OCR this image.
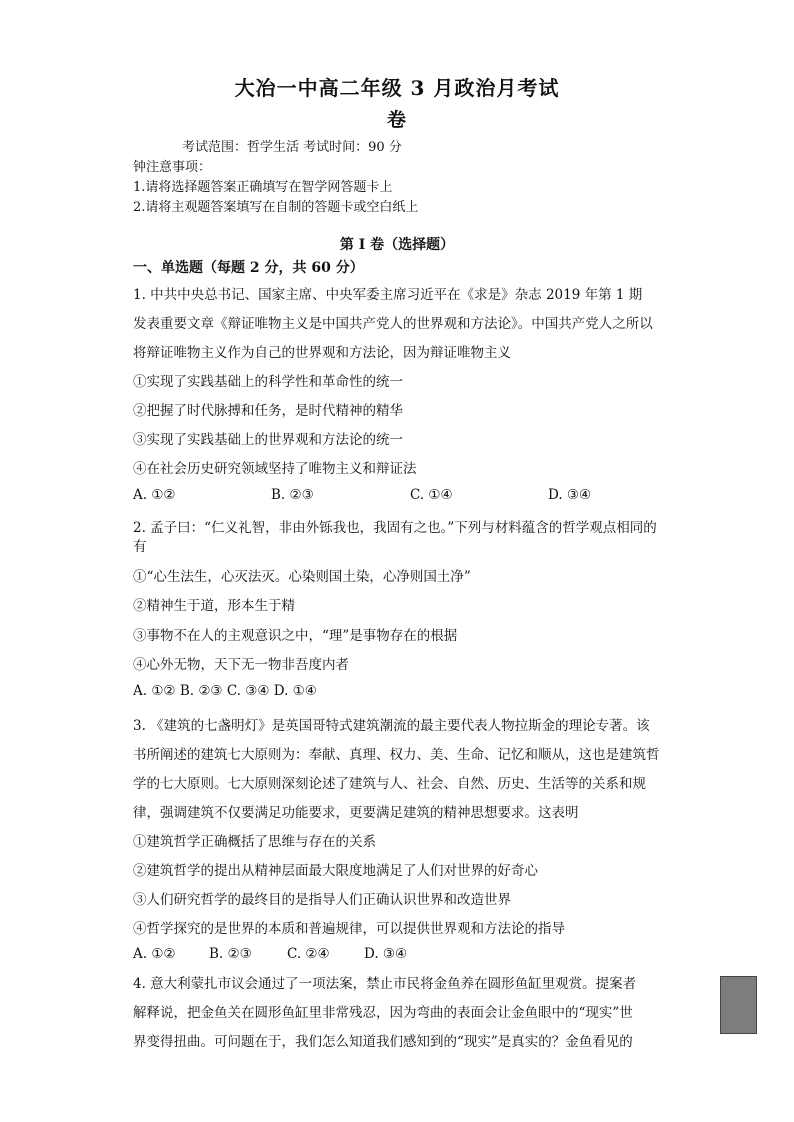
大冶一中高二年级 3 月政治月考试
卷
考试范围：哲学生活 考试时间：90 分
钟注意事项：
1.请将选择题答案正确填写在智学网答题卡上
2.请将主观题答案填写在自制的答题卡或空白纸上
第 I 卷（选择题）
一、单选题（每题 2 分，共 60 分）
1. 中共中央总书记、国家主席、中央军委主席习近平在《求是》杂志 2019 年第 1 期
发表重要文章《辩证唯物主义是中国共产党人的世界观和方法论》。中国共产党人之所以
将辩证唯物主义作为自己的世界观和方法论，因为辩证唯物主义
①实现了实践基础上的科学性和革命性的统一
②把握了时代脉搏和任务，是时代精神的精华
③实现了实践基础上的世界观和方法论的统一
④在社会历史研究领域坚持了唯物主义和辩证法
A. ①②	B. ②③	C. ①④	D. ③④
2. 孟子曰：“仁义礼智，非由外铄我也，我固有之也。”下列与材料蕴含的哲学观点相同的
有
①“心生法生，心灭法灭。心染则国土染，心净则国土净”
②精神生于道，形本生于精
③事物不在人的主观意识之中，“理”是事物存在的根据
④心外无物，天下无一物非吾度内者
A. ①② B. ②③ C. ③④ D. ①④
3. 《建筑的七盏明灯》是英国哥特式建筑潮流的最主要代表人物拉斯金的理论专著。该
书所阐述的建筑七大原则为：奉献、真理、权力、美、生命、记忆和顺从，这也是建筑哲
学的七大原则。七大原则深刻论述了建筑与人、社会、自然、历史、生活等的关系和规
律，强调建筑不仅要满足功能要求，更要满足建筑的精神思想要求。这表明
①建筑哲学正确概括了思维与存在的关系
②建筑哲学的提出从精神层面最大限度地满足了人们对世界的好奇心
③人们研究哲学的最终目的是指导人们正确认识世界和改造世界
④哲学探究的是世界的本质和普遍规律，可以提供世界观和方法论的指导
A. ①② B. ②③	C. ②④	D. ③④
4. 意大利蒙扎市议会通过了一项法案，禁止市民将金鱼养在圆形鱼缸里观赏。提案者
解释说，把金鱼关在圆形鱼缸里非常残忍，因为弯曲的表面会让金鱼眼中的“现实”世
界变得扭曲。可问题在于，我们怎么知道我们感知到的“现实”是真实的？金鱼看见的
